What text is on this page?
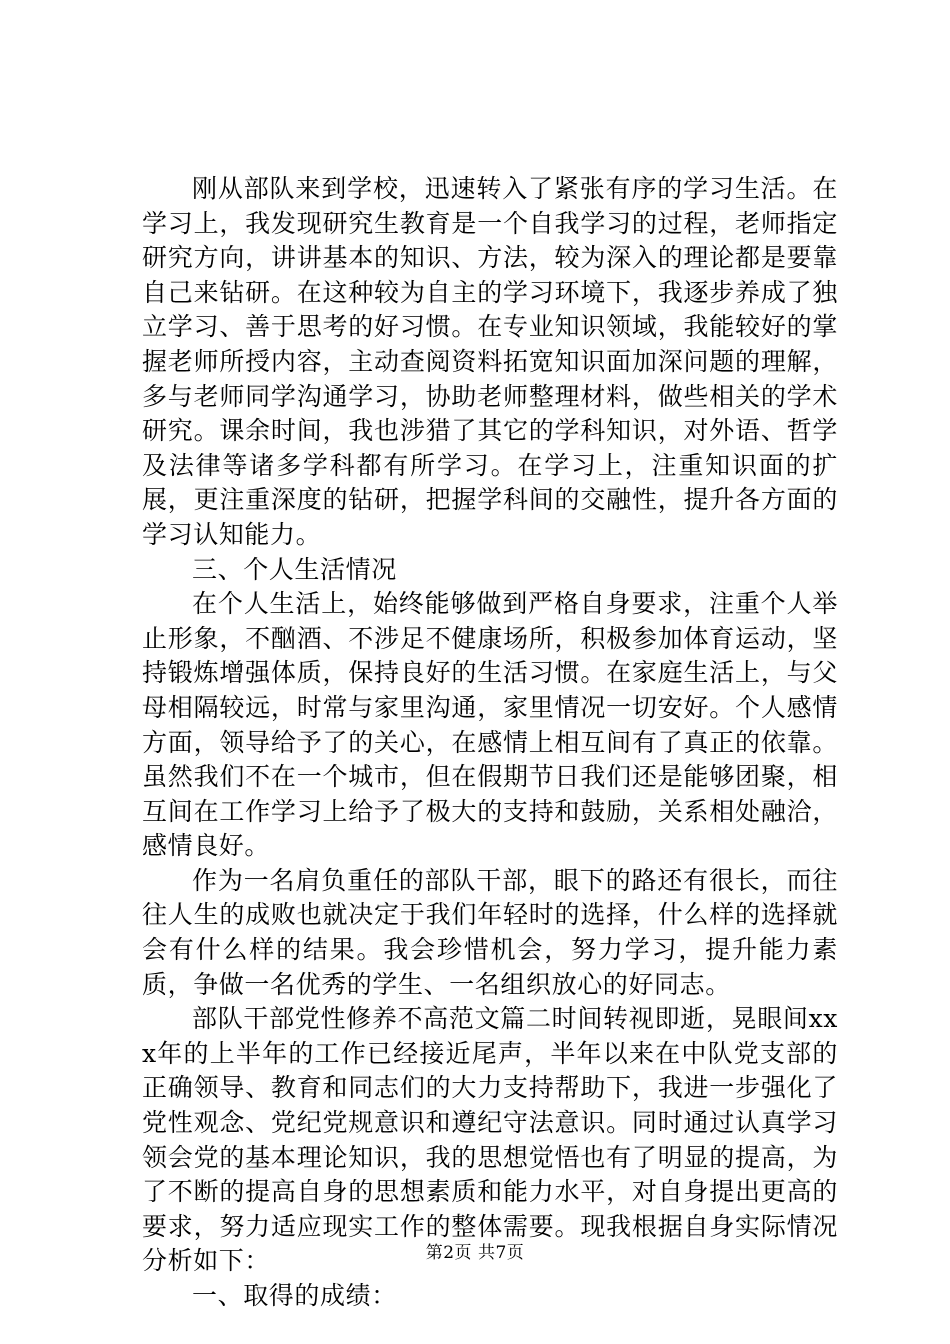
刚从部队来到学校，迅速转入了紧张有序的学习生活。在学习上，我发现研究生教育是一个自我学习的过程，老师指定研究方向，讲讲基本的知识、方法，较为深入的理论都是要靠自己来钻研。在这种较为自主的学习环境下，我逐步养成了独立学习、善于思考的好习惯。在专业知识领域，我能较好的掌握老师所授内容，主动查阅资料拓宽知识面加深问题的理解，多与老师同学沟通学习，协助老师整理材料，做些相关的学术研究。课余时间，我也涉猎了其它的学科知识，对外语、哲学及法律等诸多学科都有所学习。在学习上，注重知识面的扩展，更注重深度的钻研，把握学科间的交融性，提升各方面的学习认知能力。

三、个人生活情况

在个人生活上，始终能够做到严格自身要求，注重个人举止形象，不酗酒、不涉足不健康场所，积极参加体育运动，坚持锻炼增强体质，保持良好的生活习惯。在家庭生活上，与父母相隔较远，时常与家里沟通，家里情况一切安好。个人感情方面，领导给予了的关心，在感情上相互间有了真正的依靠。虽然我们不在一个城市，但在假期节日我们还是能够团聚，相互间在工作学习上给予了极大的支持和鼓励，关系相处融洽，感情良好。

作为一名肩负重任的部队干部，眼下的路还有很长，而往往人生的成败也就决定于我们年轻时的选择，什么样的选择就会有什么样的结果。我会珍惜机会，努力学习，提升能力素质，争做一名优秀的学生、一名组织放心的好同志。

部队干部党性修养不高范文篇二时间转视即逝，晃眼间xxx年的上半年的工作已经接近尾声，半年以来在中队党支部的正确领导、教育和同志们的大力支持帮助下，我进一步强化了党性观念、党纪党规意识和遵纪守法意识。同时通过认真学习领会党的基本理论知识，我的思想觉悟也有了明显的提高，为了不断的提高自身的思想素质和能力水平，对自身提出更高的要求，努力适应现实工作的整体需要。现我根据自身实际情况分析如下：

一、取得的成绩：

第2页 共7页
